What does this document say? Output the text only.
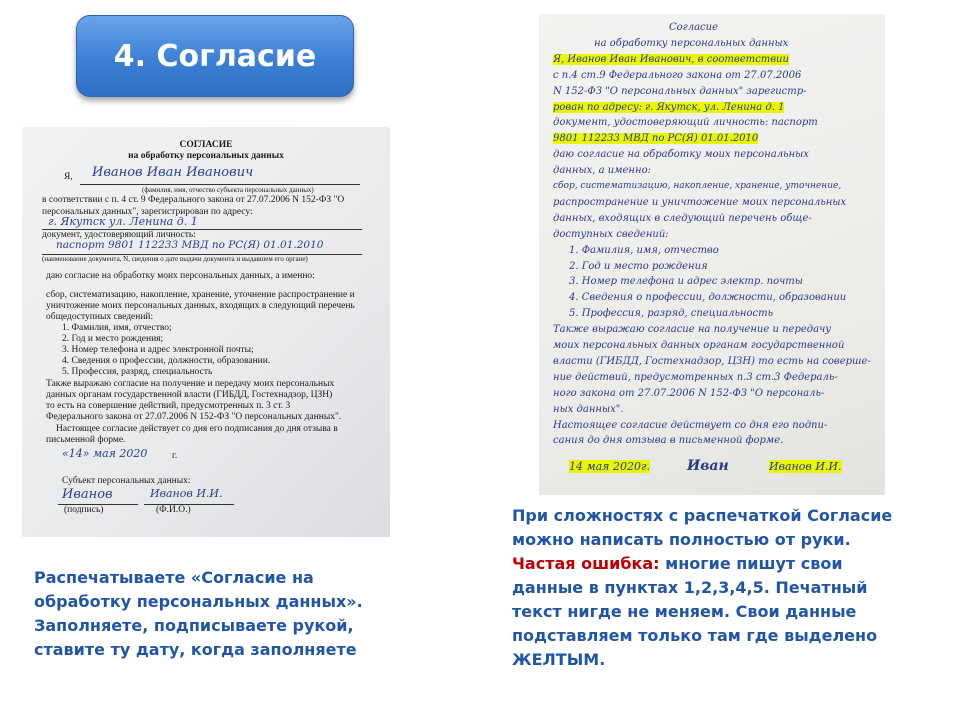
4. Согласие
СОГЛАСИЕ
на обработку персональных данных
Я, Иванов Иван Иванович
(фамилия, имя, отчество субъекта персональных данных)
в соответствии с п. 4 ст. 9 Федерального закона от 27.07.2006 N 152-ФЗ "О
персональных данных", зарегистрирован по адресу:
г. Якутск ул. Ленина д. 1
документ, удостоверяющий личность:
паспорт 9801 112233 МВД по РС(Я) 01.01.2010
(наименование документа, N, сведения о дате выдачи документа и выдавшем его органе)
даю согласие на обработку моих персональных данных, а именно:
сбор, систематизацию, накопление, хранение, уточнение распространение и
уничтожение моих персональных данных, входящих в следующий перечень
общедоступных сведений:
1. Фамилия, имя, отчество;
2. Год и место рождения;
3. Номер телефона и адрес электронной почты;
4. Сведения о профессии, должности, образовании.
5. Профессия, разряд, специальность
Также выражаю согласие на получение и передачу моих персональных
данных органам государственной власти (ГИБДД, Гостехнадзор, ЦЗН)
то есть на совершение действий, предусмотренных п. 3 ст. 3
Федерального закона от 27.07.2006 N 152-ФЗ "О персональных данных".
Настоящее согласие действует со дня его подписания до дня отзыва в
письменной форме.
«14» мая 2020	г.
Субъект персональных данных:
Иванов	Иванов И.И.
(подпись)	(Ф.И.О.)
Согласие
на обработку персональных данных
Я, Иванов Иван Иванович, в соответствии
с п.4 ст.9 Федерального закона от 27.07.2006
N 152-ФЗ "О персональных данных" зарегистр-
рован по адресу: г. Якутск, ул. Ленина д. 1
документ, удостоверяющий личность: паспорт
9801 112233 МВД по РС(Я) 01.01.2010
даю согласие на обработку моих персональных
данных, а именно:
сбор, систематизацию, накопление, хранение, уточнение,
распространение и уничтожение моих персональных
данных, входящих в следующий перечень обще-
доступных сведений:
1. Фамилия, имя, отчество
2. Год и место рождения
3. Номер телефона и адрес электр. почты
4. Сведения о профессии, должности, образовании
5. Профессия, разряд, специальность
Также выражаю согласие на получение и передачу
моих персональных данных органам государственной
власти (ГИБДД, Гостехнадзор, ЦЗН) то есть на соверше-
ние действий, предусмотренных п.3 ст.3 Федераль-
ного закона от 27.07.2006 N 152-ФЗ "О персональ-
ных данных".
Настоящее согласие действует со дня его подпи-
сания до дня отзыва в письменной форме.
14 мая 2020г.	Иван	Иванов И.И.

Распечатываете «Согласие на

обработку персональных данных».

Заполняете, подписываете рукой,

ставите ту дату, когда заполняете

При сложностях с распечаткой Согласие

можно написать полностью от руки.

Частая ошибка: многие пишут свои

данные в пунктах 1,2,3,4,5. Печатный

текст нигде не меняем. Свои данные

подставляем только там где выделено

ЖЕЛТЫМ.
